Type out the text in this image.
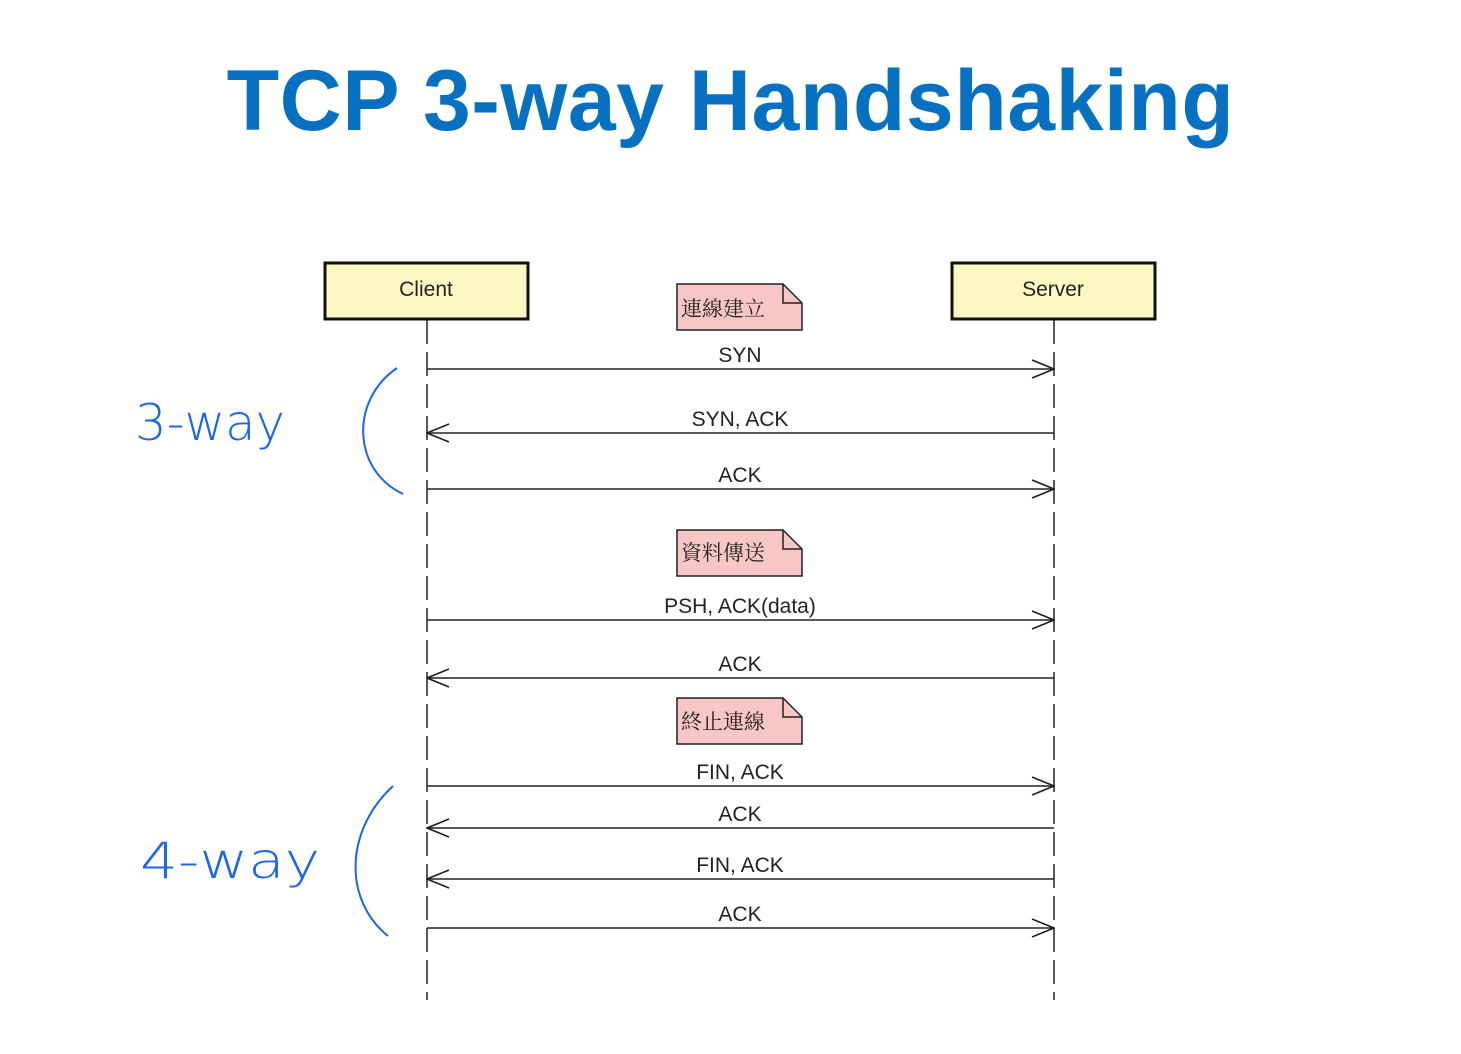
TCP 3-way Handshaking
Client	Server
連線建立
資料傳送
終止連線
SYN
SYN, ACK
ACK
PSH, ACK(data)
ACK
FIN, ACK
ACK
FIN, ACK
ACK
3-way
4-way
